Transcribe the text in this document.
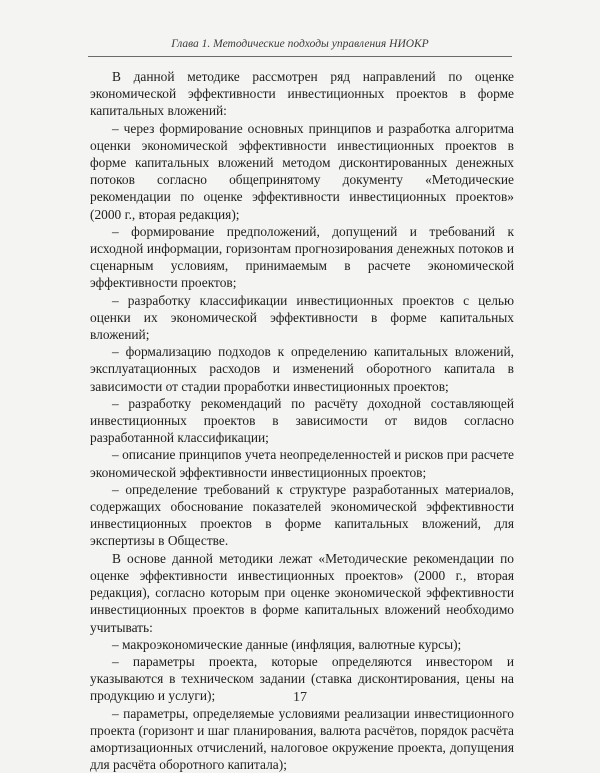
Глава 1. Методические подходы управления НИОКР

В данной методике рассмотрен ряд направлений по оценке экономической эффективности инвестиционных проектов в форме капитальных вложений:

– через формирование основных принципов и разработка алгоритма оценки экономической эффективности инвестиционных проектов в форме капитальных вложений методом дисконтированных денежных потоков согласно общепринятому документу «Методические рекомендации по оценке эффективности инвестиционных проектов» (2000 г., вторая редакция);

– формирование предположений, допущений и требований к исходной информации, горизонтам прогнозирования денежных потоков и сценарным условиям, принимаемым в расчете экономической эффективности проектов;

– разработку классификации инвестиционных проектов с целью оценки их экономической эффективности в форме капитальных вложений;

– формализацию подходов к определению капитальных вложений, эксплуатационных расходов и изменений оборотного капитала в зависимости от стадии проработки инвестиционных проектов;

– разработку рекомендаций по расчёту доходной составляющей инвестиционных проектов в зависимости от видов согласно разработанной классификации;

– описание принципов учета неопределенностей и рисков при расчете экономической эффективности инвестиционных проектов;

– определение требований к структуре разработанных материалов, содержащих обоснование показателей экономической эффективности инвестиционных проектов в форме капитальных вложений, для экспертизы в Обществе.

В основе данной методики лежат «Методические рекомендации по оценке эффективности инвестиционных проектов» (2000 г., вторая редакция), согласно которым при оценке экономической эффективности инвестиционных проектов в форме капитальных вложений необходимо учитывать:

– макроэкономические данные (инфляция, валютные курсы);

– параметры проекта, которые определяются инвестором и указываются в техническом задании (ставка дисконтирования, цены на продукцию и услуги);

– параметры, определяемые условиями реализации инвестиционного проекта (горизонт и шаг планирования, валюта расчётов, порядок расчёта амортизационных отчислений, налоговое окружение проекта, допущения для расчёта оборотного капитала);

17
